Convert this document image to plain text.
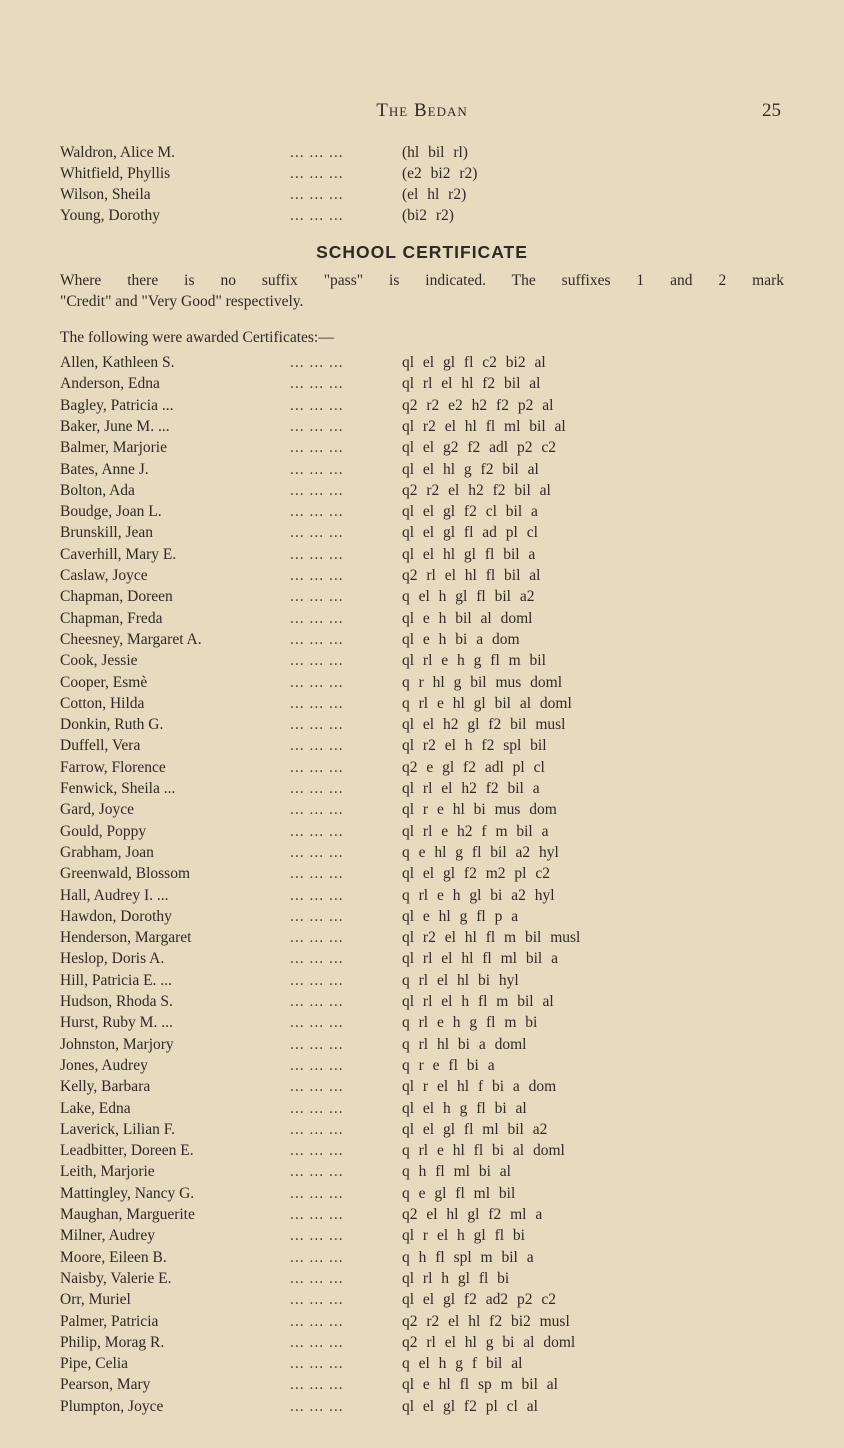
The Bedan	25
Waldron, Alice M.	... ... ...	(hl bil rl)
Whitfield, Phyllis	... ... ...	(e2 bi2 r2)
Wilson, Sheila	... ... ...	(el hl r2)
Young, Dorothy	... ... ...	(bi2 r2)
SCHOOL CERTIFICATE
Where there is no suffix "pass" is indicated. The suffixes 1 and 2 mark
"Credit" and "Very Good" respectively.
The following were awarded Certificates:—
Allen, Kathleen S.	... ... ...	ql el gl fl c2 bi2 al
Anderson, Edna	... ... ...	ql rl el hl f2 bil al
Bagley, Patricia ...	... ... ...	q2 r2 e2 h2 f2 p2 al
Baker, June M. ...	... ... ...	ql r2 el hl fl ml bil al
Balmer, Marjorie	... ... ...	ql el g2 f2 adl p2 c2
Bates, Anne J.	... ... ...	ql el hl g f2 bil al
Bolton, Ada	... ... ...	q2 r2 el h2 f2 bil al
Boudge, Joan L.	... ... ...	ql el gl f2 cl bil a
Brunskill, Jean	... ... ...	ql el gl fl ad pl cl
Caverhill, Mary E.	... ... ...	ql el hl gl fl bil a
Caslaw, Joyce	... ... ...	q2 rl el hl fl bil al
Chapman, Doreen	... ... ...	q el h gl fl bil a2
Chapman, Freda	... ... ...	ql e h bil al doml
Cheesney, Margaret A.	... ... ...	ql e h bi a dom
Cook, Jessie	... ... ...	ql rl e h g fl m bil
Cooper, Esmè	... ... ...	q r hl g bil mus doml
Cotton, Hilda	... ... ...	q rl e hl gl bil al doml
Donkin, Ruth G.	... ... ...	ql el h2 gl f2 bil musl
Duffell, Vera	... ... ...	ql r2 el h f2 spl bil
Farrow, Florence	... ... ...	q2 e gl f2 adl pl cl
Fenwick, Sheila ...	... ... ...	ql rl el h2 f2 bil a
Gard, Joyce	... ... ...	ql r e hl bi mus dom
Gould, Poppy	... ... ...	ql rl e h2 f m bil a
Grabham, Joan	... ... ...	q e hl g fl bil a2 hyl
Greenwald, Blossom	... ... ...	ql el gl f2 m2 pl c2
Hall, Audrey I. ...	... ... ...	q rl e h gl bi a2 hyl
Hawdon, Dorothy	... ... ...	ql e hl g fl p a
Henderson, Margaret	... ... ...	ql r2 el hl fl m bil musl
Heslop, Doris A.	... ... ...	ql rl el hl fl ml bil a
Hill, Patricia E. ...	... ... ...	q rl el hl bi hyl
Hudson, Rhoda S.	... ... ...	ql rl el h fl m bil al
Hurst, Ruby M. ...	... ... ...	q rl e h g fl m bi
Johnston, Marjory	... ... ...	q rl hl bi a doml
Jones, Audrey	... ... ...	q r e fl bi a
Kelly, Barbara	... ... ...	ql r el hl f bi a dom
Lake, Edna	... ... ...	ql el h g fl bi al
Laverick, Lilian F.	... ... ...	ql el gl fl ml bil a2
Leadbitter, Doreen E.	... ... ...	q rl e hl fl bi al doml
Leith, Marjorie	... ... ...	q h fl ml bi al
Mattingley, Nancy G.	... ... ...	q e gl fl ml bil
Maughan, Marguerite	... ... ...	q2 el hl gl f2 ml a
Milner, Audrey	... ... ...	ql r el h gl fl bi
Moore, Eileen B.	... ... ...	q h fl spl m bil a
Naisby, Valerie E.	... ... ...	ql rl h gl fl bi
Orr, Muriel	... ... ...	ql el gl f2 ad2 p2 c2
Palmer, Patricia	... ... ...	q2 r2 el hl f2 bi2 musl
Philip, Morag R.	... ... ...	q2 rl el hl g bi al doml
Pipe, Celia	... ... ...	q el h g f bil al
Pearson, Mary	... ... ...	ql e hl fl sp m bil al
Plumpton, Joyce	... ... ...	ql el gl f2 pl cl al
